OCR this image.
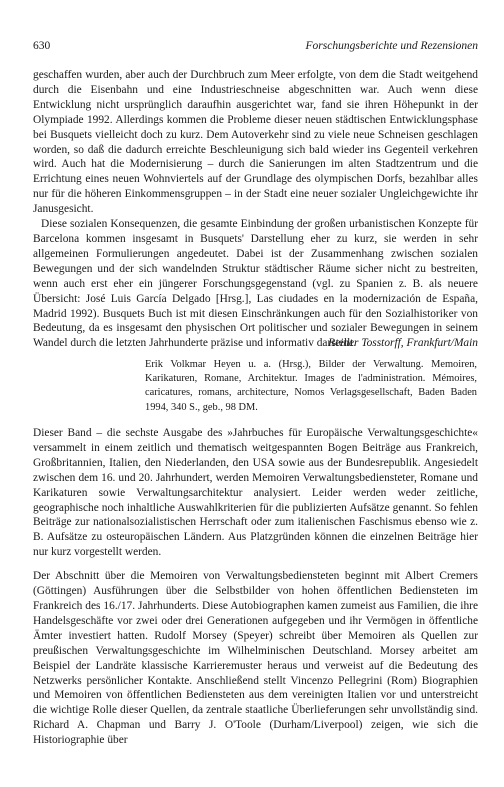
630	Forschungsberichte und Rezensionen

geschaffen wurden, aber auch der Durchbruch zum Meer erfolgte, von dem die Stadt weitgehend durch die Eisenbahn und eine Industrieschneise abgeschnitten war. Auch wenn diese Entwicklung nicht ursprünglich daraufhin ausgerichtet war, fand sie ihren Höhepunkt in der Olympiade 1992. Allerdings kommen die Probleme dieser neuen städtischen Entwicklungsphase bei Busquets vielleicht doch zu kurz. Dem Autoverkehr sind zu viele neue Schneisen geschlagen worden, so daß die dadurch erreichte Beschleunigung sich bald wieder ins Gegenteil verkehren wird. Auch hat die Modernisierung – durch die Sanierungen im alten Stadtzentrum und die Errichtung eines neuen Wohnviertels auf der Grundlage des olympischen Dorfs, bezahlbar alles nur für die höheren Einkommensgruppen – in der Stadt eine neuer sozialer Ungleichgewichte ihr Janusgesicht.

Diese sozialen Konsequenzen, die gesamte Einbindung der großen urbanistischen Konzepte für Barcelona kommen insgesamt in Busquets' Darstellung eher zu kurz, sie werden in sehr allgemeinen Formulierungen angedeutet. Dabei ist der Zusammenhang zwischen sozialen Bewegungen und der sich wandelnden Struktur städtischer Räume sicher nicht zu bestreiten, wenn auch erst eher ein jüngerer Forschungsgegenstand (vgl. zu Spanien z. B. als neuere Übersicht: José Luis García Delgado [Hrsg.], Las ciudades en la modernización de España, Madrid 1992). Busquets Buch ist mit diesen Einschränkungen auch für den Sozialhistoriker von Bedeutung, da es insgesamt den physischen Ort politischer und sozialer Bewegungen in seinem Wandel durch die letzten Jahrhunderte präzise und informativ darstellt.

Reiner Tosstorff, Frankfurt/Main
Erik Volkmar Heyen u. a. (Hrsg.), Bilder der Verwaltung. Memoiren, Karikaturen, Romane, Architektur. Images de l'administration. Mémoires, caricatures, romans, architecture, Nomos Verlagsgesellschaft, Baden Baden 1994, 340 S., geb., 98 DM.

Dieser Band – die sechste Ausgabe des »Jahrbuches für Europäische Verwaltungsgeschichte« versammelt in einem zeitlich und thematisch weitgespannten Bogen Beiträge aus Frankreich, Großbritannien, Italien, den Niederlanden, den USA sowie aus der Bundesrepublik. Angesiedelt zwischen dem 16. und 20. Jahrhundert, werden Memoiren Verwaltungsbediensteter, Romane und Karikaturen sowie Verwaltungsarchitektur analysiert. Leider werden weder zeitliche, geographische noch inhaltliche Auswahlkriterien für die publizierten Aufsätze genannt. So fehlen Beiträge zur nationalsozialistischen Herrschaft oder zum italienischen Faschismus ebenso wie z. B. Aufsätze zu osteuropäischen Ländern. Aus Platzgründen können die einzelnen Beiträge hier nur kurz vorgestellt werden.

Der Abschnitt über die Memoiren von Verwaltungsbediensteten beginnt mit Albert Cremers (Göttingen) Ausführungen über die Selbstbilder von hohen öffentlichen Bediensteten im Frankreich des 16./17. Jahrhunderts. Diese Autobiographen kamen zumeist aus Familien, die ihre Handelsgeschäfte vor zwei oder drei Generationen aufgegeben und ihr Vermögen in öffentliche Ämter investiert hatten. Rudolf Morsey (Speyer) schreibt über Memoiren als Quellen zur preußischen Verwaltungsgeschichte im Wilhelminischen Deutschland. Morsey arbeitet am Beispiel der Landräte klassische Karrieremuster heraus und verweist auf die Bedeutung des Netzwerks persönlicher Kontakte. Anschließend stellt Vincenzo Pellegrini (Rom) Biographien und Memoiren von öffentlichen Bediensteten aus dem vereinigten Italien vor und unterstreicht die wichtige Rolle dieser Quellen, da zentrale staatliche Überlieferungen sehr unvollständig sind. Richard A. Chapman und Barry J. O'Toole (Durham/Liverpool) zeigen, wie sich die Historiographie über
